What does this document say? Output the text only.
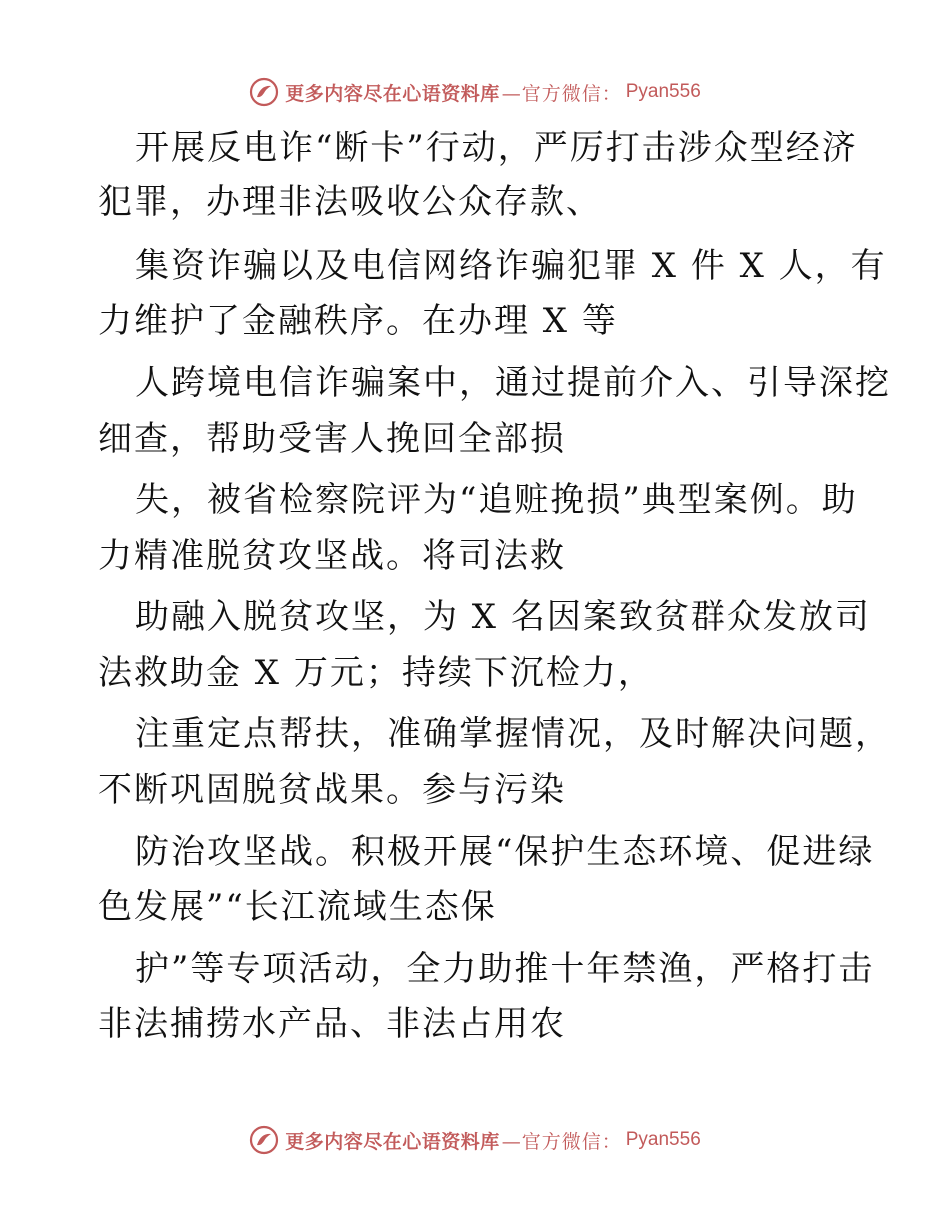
更多内容尽在心语资料库 —官方微信： Pyan556
开展反电诈“断卡”行动，严厉打击涉众型经济
犯罪，办理非法吸收公众存款、
集资诈骗以及电信网络诈骗犯罪 X 件 X 人，有
力维护了金融秩序。在办理 X 等
人跨境电信诈骗案中，通过提前介入、引导深挖
细查，帮助受害人挽回全部损
失，被省检察院评为“追赃挽损”典型案例。助
力精准脱贫攻坚战。将司法救
助融入脱贫攻坚，为 X 名因案致贫群众发放司
法救助金 X 万元；持续下沉检力，
注重定点帮扶，准确掌握情况，及时解决问题，
不断巩固脱贫战果。参与污染
防治攻坚战。积极开展“保护生态环境、促进绿
色发展”“长江流域生态保
护”等专项活动，全力助推十年禁渔，严格打击
非法捕捞水产品、非法占用农
更多内容尽在心语资料库 —官方微信： Pyan556
